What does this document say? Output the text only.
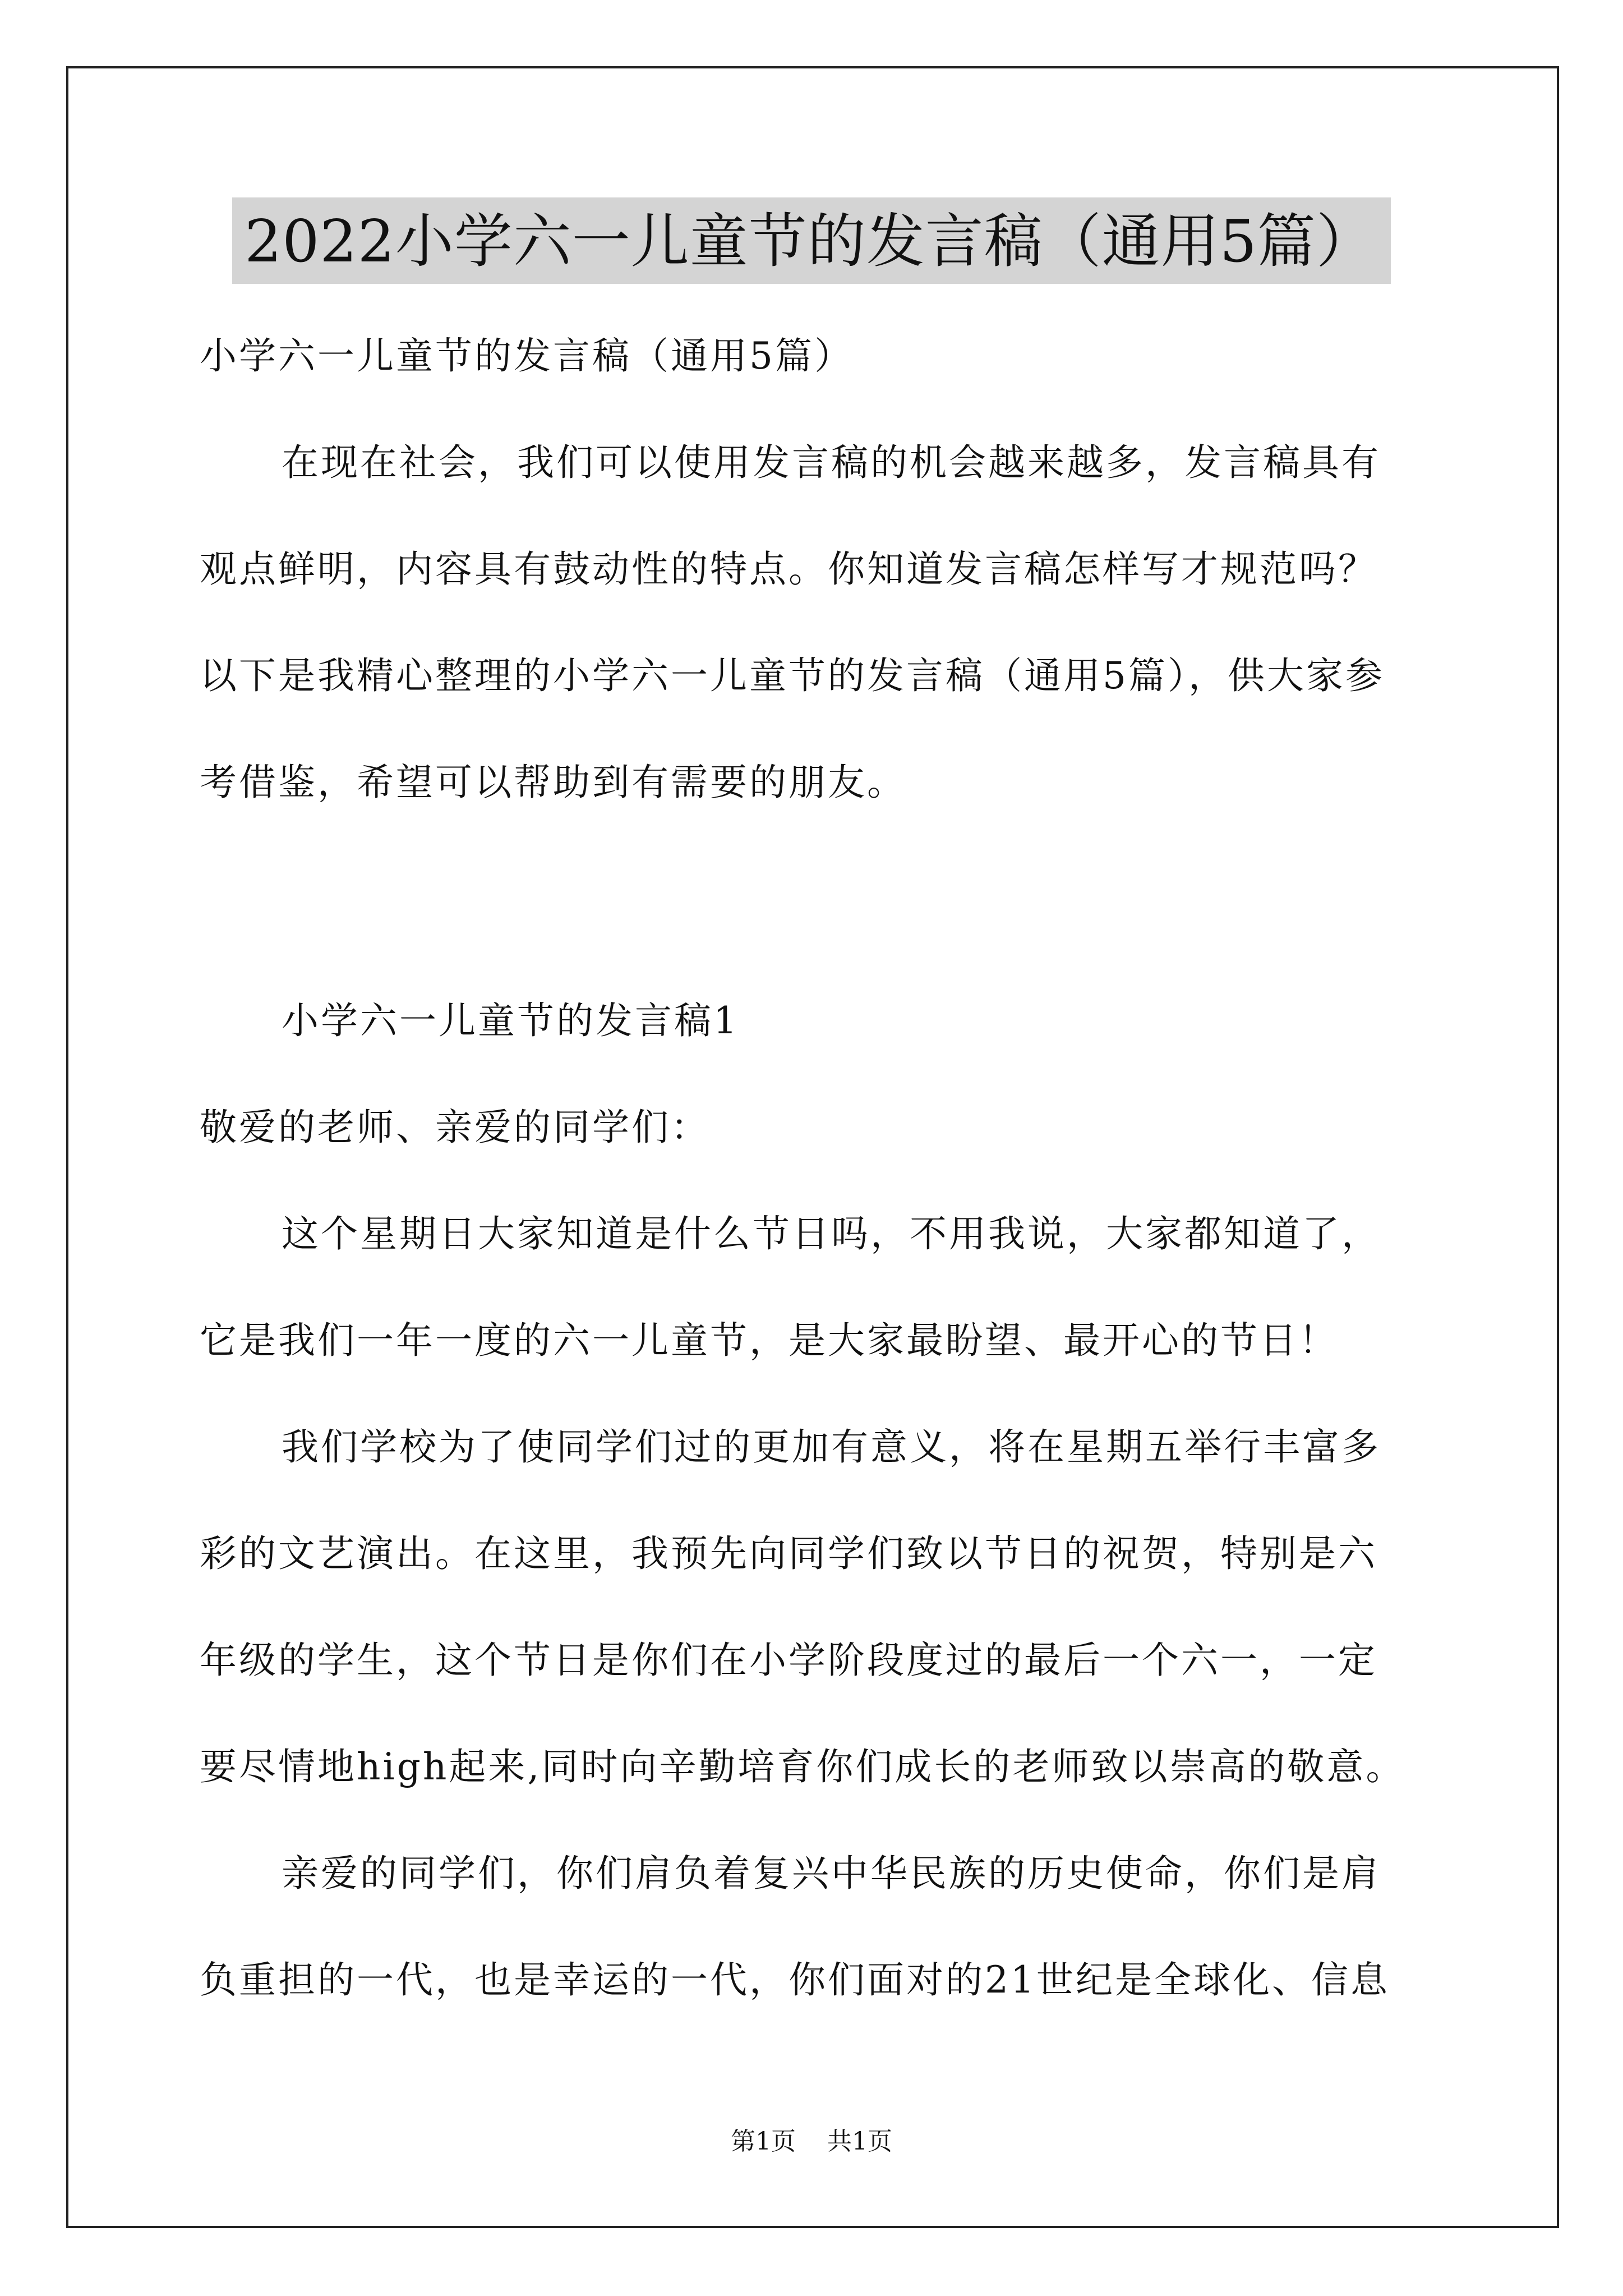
2022小学六一儿童节的发言稿（通用5篇）
小学六一儿童节的发言稿（通用5篇）
在现在社会，我们可以使用发言稿的机会越来越多，发言稿具有
观点鲜明，内容具有鼓动性的特点。你知道发言稿怎样写才规范吗？
以下是我精心整理的小学六一儿童节的发言稿（通用5篇），供大家参
考借鉴，希望可以帮助到有需要的朋友。
小学六一儿童节的发言稿1
敬爱的老师、亲爱的同学们：
这个星期日大家知道是什么节日吗，不用我说，大家都知道了，
它是我们一年一度的六一儿童节，是大家最盼望、最开心的节日！
我们学校为了使同学们过的更加有意义，将在星期五举行丰富多
彩的文艺演出。在这里，我预先向同学们致以节日的祝贺，特别是六
年级的学生，这个节日是你们在小学阶段度过的最后一个六一，一定
要尽情地high起来,同时向辛勤培育你们成长的老师致以崇高的敬意。
亲爱的同学们，你们肩负着复兴中华民族的历史使命，你们是肩
负重担的一代，也是幸运的一代，你们面对的21世纪是全球化、信息
第1页 共1页
